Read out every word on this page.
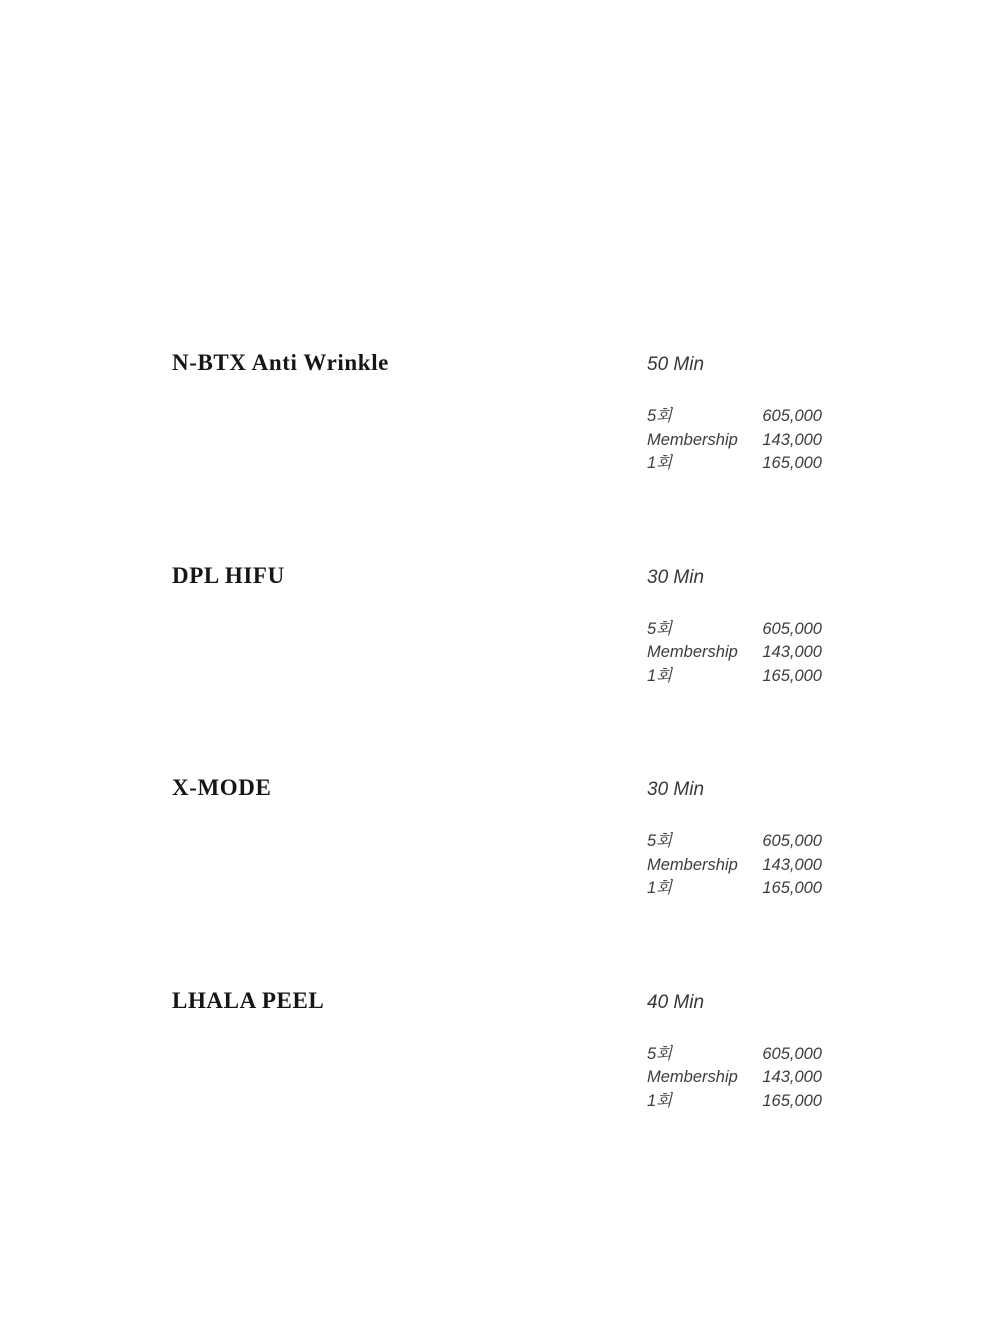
N-BTX Anti Wrinkle	50 Min
5회	605,000
Membership 143,000
1회	165,000
DPL HIFU	30 Min
5회	605,000
Membership 143,000
1회	165,000
X-MODE	30 Min
5회	605,000
Membership 143,000
1회	165,000
LHALA PEEL	40 Min
5회	605,000
Membership 143,000
1회	165,000
